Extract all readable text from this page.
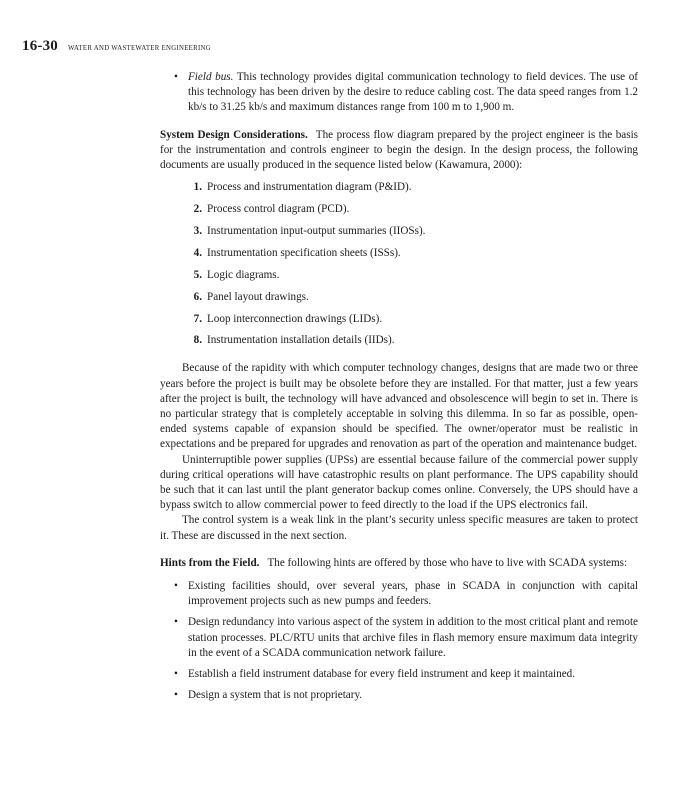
16-30 WATER AND WASTEWATER ENGINEERING
• Field bus. This technology provides digital communication technology to field devices. The use of this technology has been driven by the desire to reduce cabling cost. The data speed ranges from 1.2 kb/s to 31.25 kb/s and maximum distances range from 100 m to 1,900 m.

System Design Considerations. The process flow diagram prepared by the project engineer is the basis for the instrumentation and controls engineer to begin the design. In the design process, the following documents are usually produced in the sequence listed below (Kawamura, 2000):

1. Process and instrumentation diagram (P&ID).
2. Process control diagram (PCD).
3. Instrumentation input-output summaries (IIOSs).
4. Instrumentation specification sheets (ISSs).
5. Logic diagrams.
6. Panel layout drawings.
7. Loop interconnection drawings (LIDs).
8. Instrumentation installation details (IIDs).

Because of the rapidity with which computer technology changes, designs that are made two or three years before the project is built may be obsolete before they are installed. For that matter, just a few years after the project is built, the technology will have advanced and obsolescence will begin to set in. There is no particular strategy that is completely acceptable in solving this dilemma. In so far as possible, open-ended systems capable of expansion should be specified. The owner/operator must be realistic in expectations and be prepared for upgrades and renovation as part of the operation and maintenance budget.

Uninterruptible power supplies (UPSs) are essential because failure of the commercial power supply during critical operations will have catastrophic results on plant performance. The UPS capability should be such that it can last until the plant generator backup comes online. Conversely, the UPS should have a bypass switch to allow commercial power to feed directly to the load if the UPS electronics fail.

The control system is a weak link in the plant’s security unless specific measures are taken to protect it. These are discussed in the next section.

Hints from the Field. The following hints are offered by those who have to live with SCADA systems:

• Existing facilities should, over several years, phase in SCADA in conjunction with capital improvement projects such as new pumps and feeders.
• Design redundancy into various aspect of the system in addition to the most critical plant and remote station processes. PLC/RTU units that archive files in flash memory ensure maximum data integrity in the event of a SCADA communication network failure.
• Establish a field instrument database for every field instrument and keep it maintained.
• Design a system that is not proprietary.
